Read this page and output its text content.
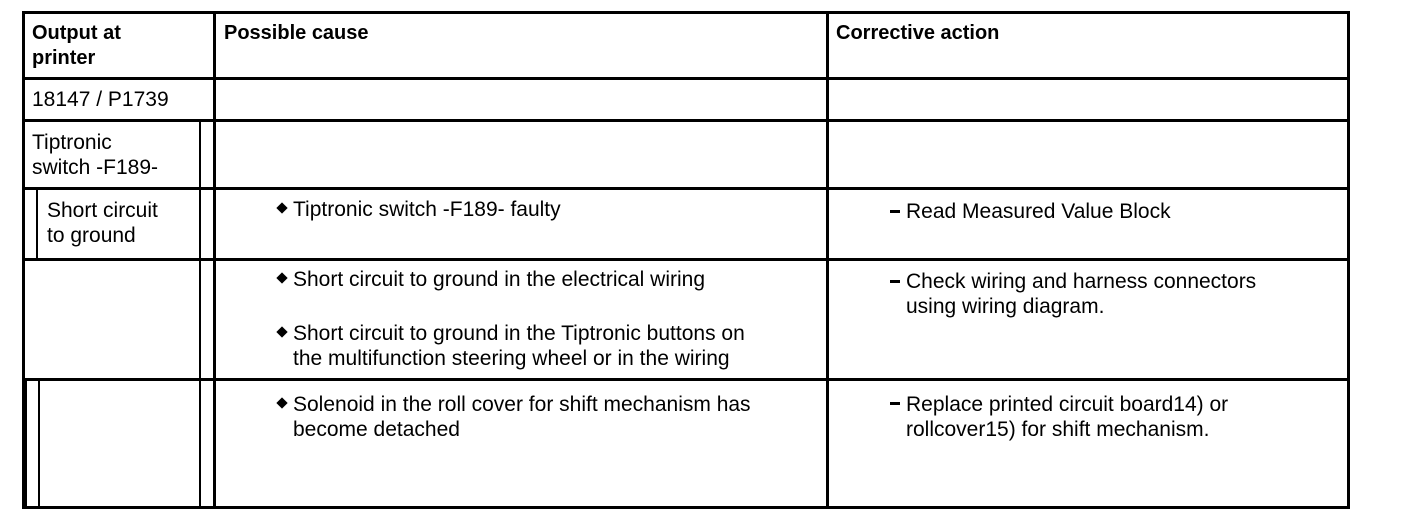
Output at
printer
Possible cause	Corrective action
18147 / P1739
Tiptronic
switch -F189-
Short circuit
to ground
Tiptronic switch -F189- faulty
Short circuit to ground in the electrical wiring
Short circuit to ground in the Tiptronic buttons on
the multifunction steering wheel or in the wiring
Solenoid in the roll cover for shift mechanism has
become detached
Read Measured Value Block
Check wiring and harness connectors
using wiring diagram.
Replace printed circuit board14) or
rollcover15) for shift mechanism.
